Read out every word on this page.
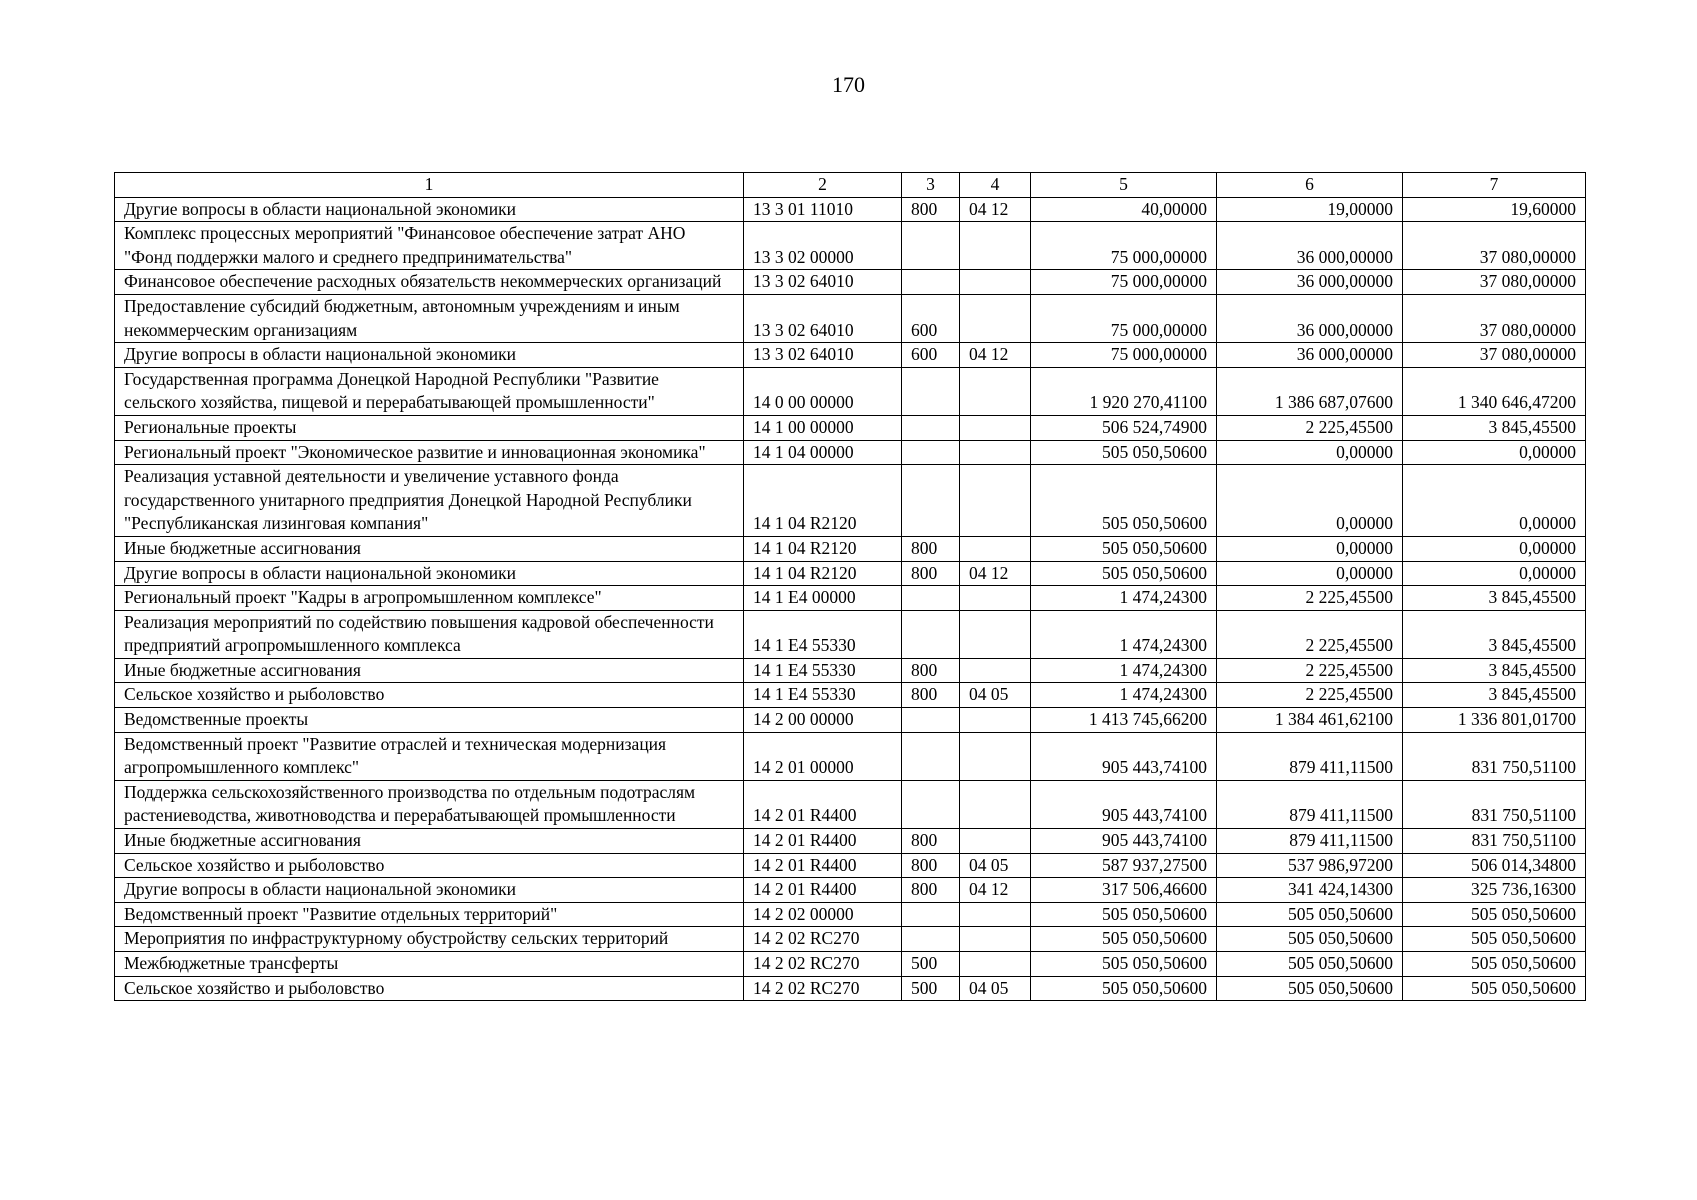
170
1	2	3	4	5	6	7
Другие вопросы в области национальной экономики	13 3 01 11010	800	04 12	40,00000	19,00000	19,60000
Комплекс процессных мероприятий "Финансовое обеспечение затрат АНО "Фонд поддержки малого и среднего предпринимательства"	13 3 02 00000			75 000,00000	36 000,00000	37 080,00000
Финансовое обеспечение расходных обязательств некоммерческих организаций	13 3 02 64010			75 000,00000	36 000,00000	37 080,00000
Предоставление субсидий бюджетным, автономным учреждениям и иным некоммерческим организациям	13 3 02 64010	600		75 000,00000	36 000,00000	37 080,00000
Другие вопросы в области национальной экономики	13 3 02 64010	600	04 12	75 000,00000	36 000,00000	37 080,00000
Государственная программа Донецкой Народной Республики "Развитие сельского хозяйства, пищевой и перерабатывающей промышленности"	14 0 00 00000			1 920 270,41100	1 386 687,07600	1 340 646,47200
Региональные проекты	14 1 00 00000			506 524,74900	2 225,45500	3 845,45500
Региональный проект "Экономическое развитие и инновационная экономика"	14 1 04 00000			505 050,50600	0,00000	0,00000
Реализация уставной деятельности и увеличение уставного фонда государственного унитарного предприятия Донецкой Народной Республики "Республиканская лизинговая компания"	14 1 04 R2120			505 050,50600	0,00000	0,00000
Иные бюджетные ассигнования	14 1 04 R2120	800		505 050,50600	0,00000	0,00000
Другие вопросы в области национальной экономики	14 1 04 R2120	800	04 12	505 050,50600	0,00000	0,00000
Региональный проект "Кадры в агропромышленном комплексе"	14 1 E4 00000			1 474,24300	2 225,45500	3 845,45500
Реализация мероприятий по содействию повышения кадровой обеспеченности предприятий агропромышленного комплекса	14 1 E4 55330			1 474,24300	2 225,45500	3 845,45500
Иные бюджетные ассигнования	14 1 E4 55330	800		1 474,24300	2 225,45500	3 845,45500
Сельское хозяйство и рыболовство	14 1 E4 55330	800	04 05	1 474,24300	2 225,45500	3 845,45500
Ведомственные проекты	14 2 00 00000			1 413 745,66200	1 384 461,62100	1 336 801,01700
Ведомственный проект "Развитие отраслей и техническая модернизация агропромышленного комплекс"	14 2 01 00000			905 443,74100	879 411,11500	831 750,51100
Поддержка сельскохозяйственного производства по отдельным подотраслям растениеводства, животноводства и перерабатывающей промышленности	14 2 01 R4400			905 443,74100	879 411,11500	831 750,51100
Иные бюджетные ассигнования	14 2 01 R4400	800		905 443,74100	879 411,11500	831 750,51100
Сельское хозяйство и рыболовство	14 2 01 R4400	800	04 05	587 937,27500	537 986,97200	506 014,34800
Другие вопросы в области национальной экономики	14 2 01 R4400	800	04 12	317 506,46600	341 424,14300	325 736,16300
Ведомственный проект "Развитие отдельных территорий"	14 2 02 00000			505 050,50600	505 050,50600	505 050,50600
Мероприятия по инфраструктурному обустройству сельских территорий	14 2 02 RC270			505 050,50600	505 050,50600	505 050,50600
Межбюджетные трансферты	14 2 02 RC270	500		505 050,50600	505 050,50600	505 050,50600
Сельское хозяйство и рыболовство	14 2 02 RC270	500	04 05	505 050,50600	505 050,50600	505 050,50600
